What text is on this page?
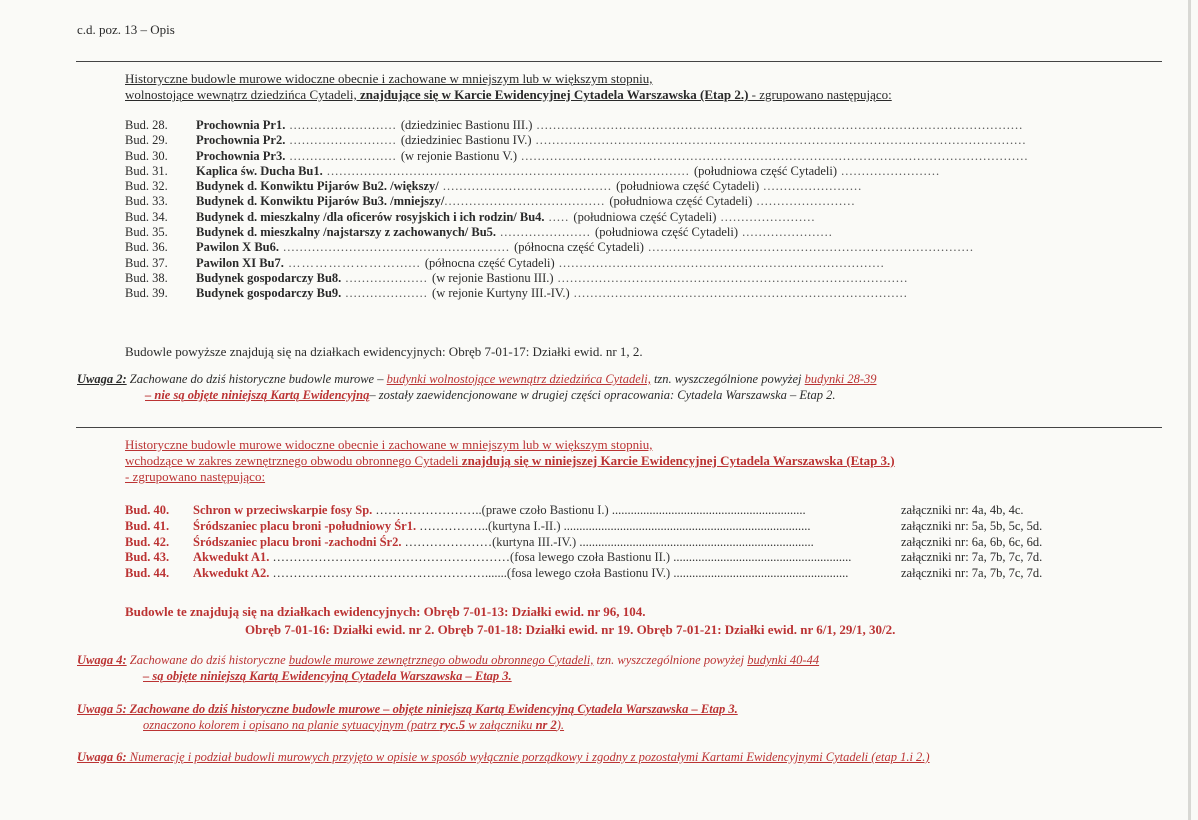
c.d. poz. 13 – Opis
Historyczne budowle murowe widoczne obecnie i zachowane w mniejszym lub w większym stopniu,
wolnostojące wewnątrz dziedzińca Cytadeli, znajdujące się w Karcie Ewidencyjnej Cytadela Warszawska (Etap 2.) - zgrupowano następująco:
Bud. 28. Prochownia Pr1. .......................... (dziedziniec Bastionu III.) ......................................................................................................................
Bud. 29. Prochownia Pr2. .......................... (dziedziniec Bastionu IV.) .......................................................................................................................
Bud. 30. Prochownia Pr3. .......................... (w rejonie Bastionu V.) ...........................................................................................................................
Bud. 31. Kaplica św. Ducha Bu1. ........................................................................................ (południowa część Cytadeli) ........................
Bud. 32. Budynek d. Konwiktu Pijarów Bu2. /większy/ ......................................... (południowa część Cytadeli) ........................
Bud. 33. Budynek d. Konwiktu Pijarów Bu3. /mniejszy/....................................... (południowa część Cytadeli) ........................
Bud. 34. Budynek d. mieszkalny /dla oficerów rosyjskich i ich rodzin/ Bu4. ..... (południowa część Cytadeli) .......................
Bud. 35. Budynek d. mieszkalny /najstarszy z zachowanych/ Bu5. ...................... (południowa część Cytadeli) ......................
Bud. 36. Pawilon X Bu6. ....................................................... (północna część Cytadeli) ...............................................................................
Bud. 37. Pawilon XI Bu7. ……………………...... (północna część Cytadeli) ...............................................................................
Bud. 38. Budynek gospodarczy Bu8. .................... (w rejonie Bastionu III.) .....................................................................................
Bud. 39. Budynek gospodarczy Bu9. .................... (w rejonie Kurtyny III.-IV.) .................................................................................
Budowle powyższe znajdują się na działkach ewidencyjnych: Obręb 7-01-17: Działki ewid. nr 1, 2.
Uwaga 2: Zachowane do dziś historyczne budowle murowe – budynki wolnostojące wewnątrz dziedzińca Cytadeli, tzn. wyszczególnione powyżej budynki 28-39
– nie są objęte niniejszą Kartą Ewidencyjną– zostały zaewidencjonowane w drugiej części opracowania: Cytadela Warszawska – Etap 2.
Historyczne budowle murowe widoczne obecnie i zachowane w mniejszym lub w większym stopniu,
wchodzące w zakres zewnętrznego obwodu obronnego Cytadeli znajdują się w niniejszej Karcie Ewidencyjnej Cytadela Warszawska (Etap 3.)
- zgrupowano następująco:
Bud. 40. Schron w przeciwskarpie fosy Sp. ……………………..(prawe czoło Bastionu I.) ..............................................................	załączniki nr: 4a, 4b, 4c.
Bud. 41. Śródszaniec placu broni -południowy Śr1. ……………..(kurtyna I.-II.) ...............................................................................	załączniki nr: 5a, 5b, 5c, 5d.
Bud. 42. Śródszaniec placu broni -zachodni Śr2. …………………(kurtyna III.-IV.) ...........................................................................	załączniki nr: 6a, 6b, 6c, 6d.
Bud. 43. Akwedukt A1. …………………………………………………(fosa lewego czoła Bastionu II.) .........................................................	załączniki nr: 7a, 7b, 7c, 7d.
Bud. 44. Akwedukt A2. …………………………………………….......(fosa lewego czoła Bastionu IV.) ........................................................	załączniki nr: 7a, 7b, 7c, 7d.
Budowle te znajdują się na działkach ewidencyjnych: Obręb 7-01-13: Działki ewid. nr 96, 104.
Obręb 7-01-16: Działki ewid. nr 2. Obręb 7-01-18: Działki ewid. nr 19. Obręb 7-01-21: Działki ewid. nr 6/1, 29/1, 30/2.
Uwaga 4: Zachowane do dziś historyczne budowle murowe zewnętrznego obwodu obronnego Cytadeli, tzn. wyszczególnione powyżej budynki 40-44
– są objęte niniejszą Kartą Ewidencyjną Cytadela Warszawska – Etap 3.
Uwaga 5: Zachowane do dziś historyczne budowle murowe – objęte niniejszą Kartą Ewidencyjną Cytadela Warszawska – Etap 3.
oznaczono kolorem i opisano na planie sytuacyjnym (patrz ryc.5 w załączniku nr 2).
Uwaga 6: Numerację i podział budowli murowych przyjęto w opisie w sposób wyłącznie porządkowy i zgodny z pozostałymi Kartami Ewidencyjnymi Cytadeli (etap 1.i 2.)
